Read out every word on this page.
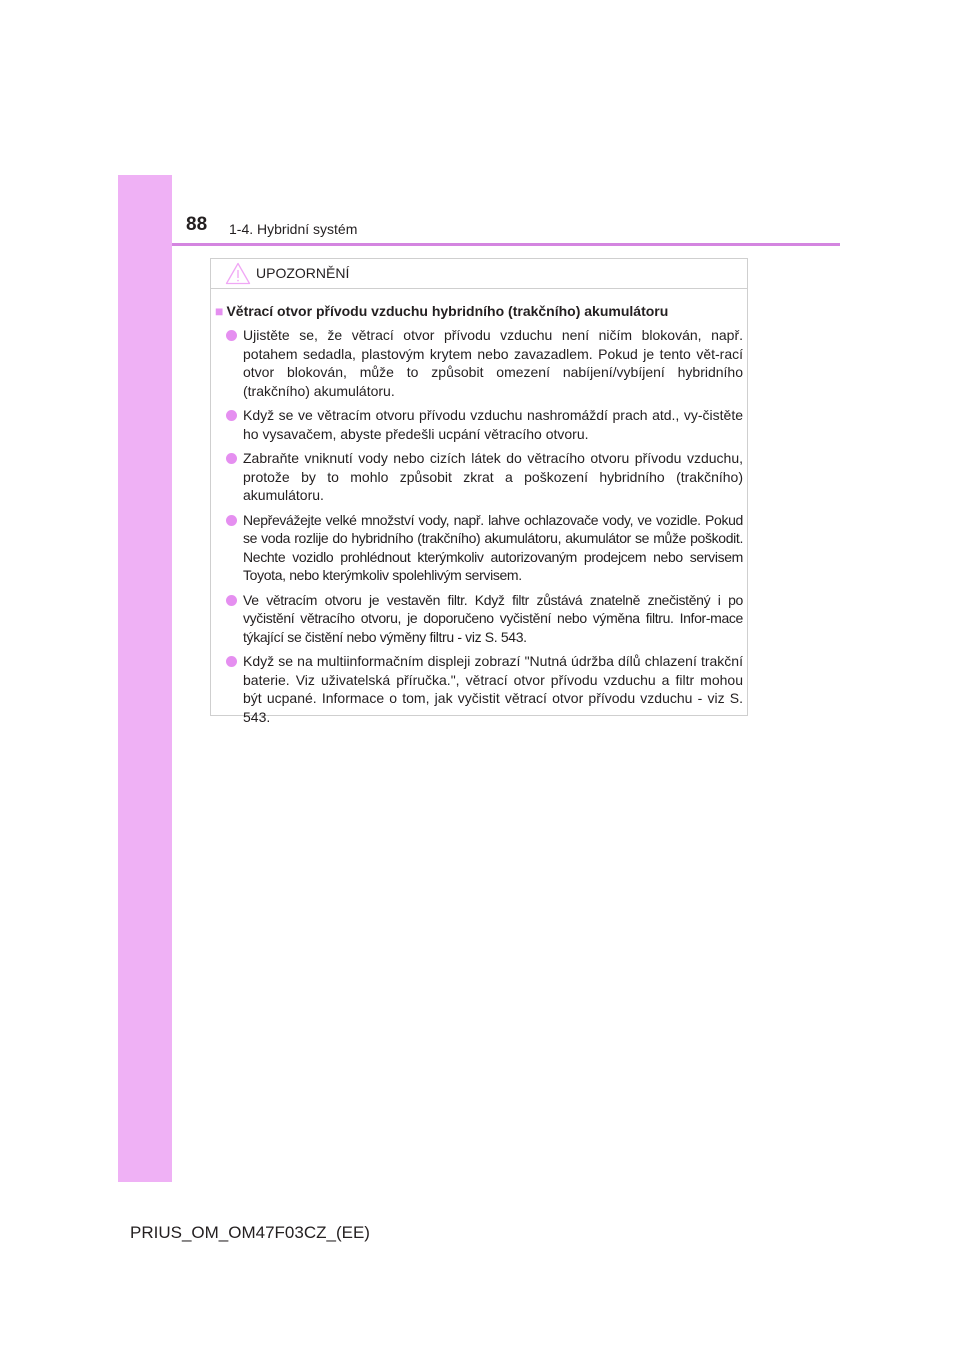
88 1-4. Hybridní systém
UPOZORNĚNÍ
■ Větrací otvor přívodu vzduchu hybridního (trakčního) akumulátoru
Ujistěte se, že větrací otvor přívodu vzduchu není ničím blokován, např. potahem sedadla, plastovým krytem nebo zavazadlem. Pokud je tento vět-rací otvor blokován, může to způsobit omezení nabíjení/vybíjení hybridního (trakčního) akumulátoru.
Když se ve větracím otvoru přívodu vzduchu nashromáždí prach atd., vy-čistěte ho vysavačem, abyste předešli ucpání větracího otvoru.
Zabraňte vniknutí vody nebo cizích látek do větracího otvoru přívodu vzduchu, protože by to mohlo způsobit zkrat a poškození hybridního (trakčního) akumulátoru.
Nepřevážejte velké množství vody, např. lahve ochlazovače vody, ve vozidle. Pokud se voda rozlije do hybridního (trakčního) akumulátoru, akumulátor se může poškodit. Nechte vozidlo prohlédnout kterýmkoliv autorizovaným prodejcem nebo servisem Toyota, nebo kterýmkoliv spolehlivým servisem.
Ve větracím otvoru je vestavěn filtr. Když filtr zůstává znatelně znečistěný i po vyčistění větracího otvoru, je doporučeno vyčistění nebo výměna filtru. Infor-mace týkající se čistění nebo výměny filtru - viz S. 543.
Když se na multiinformačním displeji zobrazí "Nutná údržba dílů chlazení trakční baterie. Viz uživatelská příručka.", větrací otvor přívodu vzduchu a filtr mohou být ucpané. Informace o tom, jak vyčistit větrací otvor přívodu vzduchu - viz S. 543.
PRIUS_OM_OM47F03CZ_(EE)
